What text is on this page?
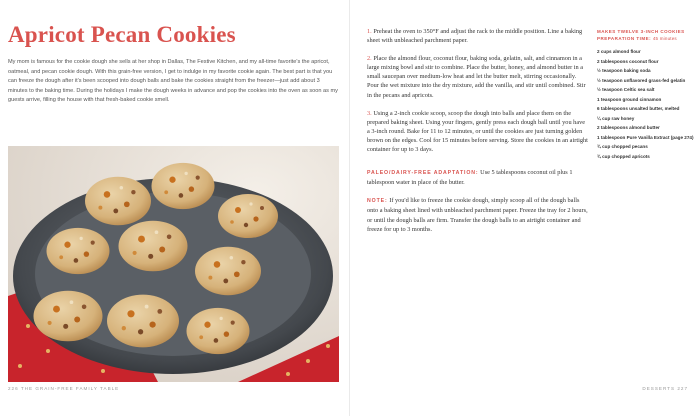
Apricot Pecan Cookies

My mom is famous for the cookie dough she sells at her shop in Dallas, The Festive Kitchen, and my all-time favorite's the apricot, oatmeal, and pecan cookie dough. With this grain-free version, I get to indulge in my favorite cookie again. The best part is that you can freeze the dough after it's been scooped into dough balls and bake the cookies straight from the freezer—just add about 3 minutes to the baking time. During the holidays I make the dough weeks in advance and pop the cookies into the oven as soon as my guests arrive, filling the house with that fresh-baked cookie smell.

226 THE GRAIN-FREE FAMILY TABLE

1. Preheat the oven to 350°F and adjust the rack to the middle position. Line a baking sheet with unbleached parchment paper.

2. Place the almond flour, coconut flour, baking soda, gelatin, salt, and cinnamon in a large mixing bowl and stir to combine. Place the butter, honey, and almond butter in a small saucepan over medium-low heat and let the butter melt, stirring occasionally. Pour the wet mixture into the dry mixture, add the vanilla, and stir until combined. Stir in the pecans and apricots.

3. Using a 2-inch cookie scoop, scoop the dough into balls and place them on the prepared baking sheet. Using your fingers, gently press each dough ball until you have a 3-inch round. Bake for 11 to 12 minutes, or until the cookies are just turning golden brown on the edges. Cool for 15 minutes before serving. Store the cookies in an airtight container for up to 3 days.

PALEO/DAIRY-FREE ADAPTATION: Use 5 tablespoons coconut oil plus 1 tablespoon water in place of the butter.

NOTE: If you'd like to freeze the cookie dough, simply scoop all of the dough balls onto a baking sheet lined with unbleached parchment paper. Freeze the tray for 2 hours, or until the dough balls are firm. Transfer the dough balls to an airtight container and freeze for up to 3 months.

MAKES TWELVE 3-INCH COOKIES
PREPARATION TIME: 45 minutes
2 cups almond flour
2 tablespoons coconut flour
½ teaspoon baking soda
½ teaspoon unflavored grass-fed gelatin
½ teaspoon Celtic sea salt
1 teaspoon ground cinnamon
6 tablespoons unsalted butter, melted
¼ cup raw honey
2 tablespoons almond butter
1 tablespoon Pure Vanilla Extract (page 274)
¾ cup chopped pecans
¾ cup chopped apricots
DESSERTS 227
